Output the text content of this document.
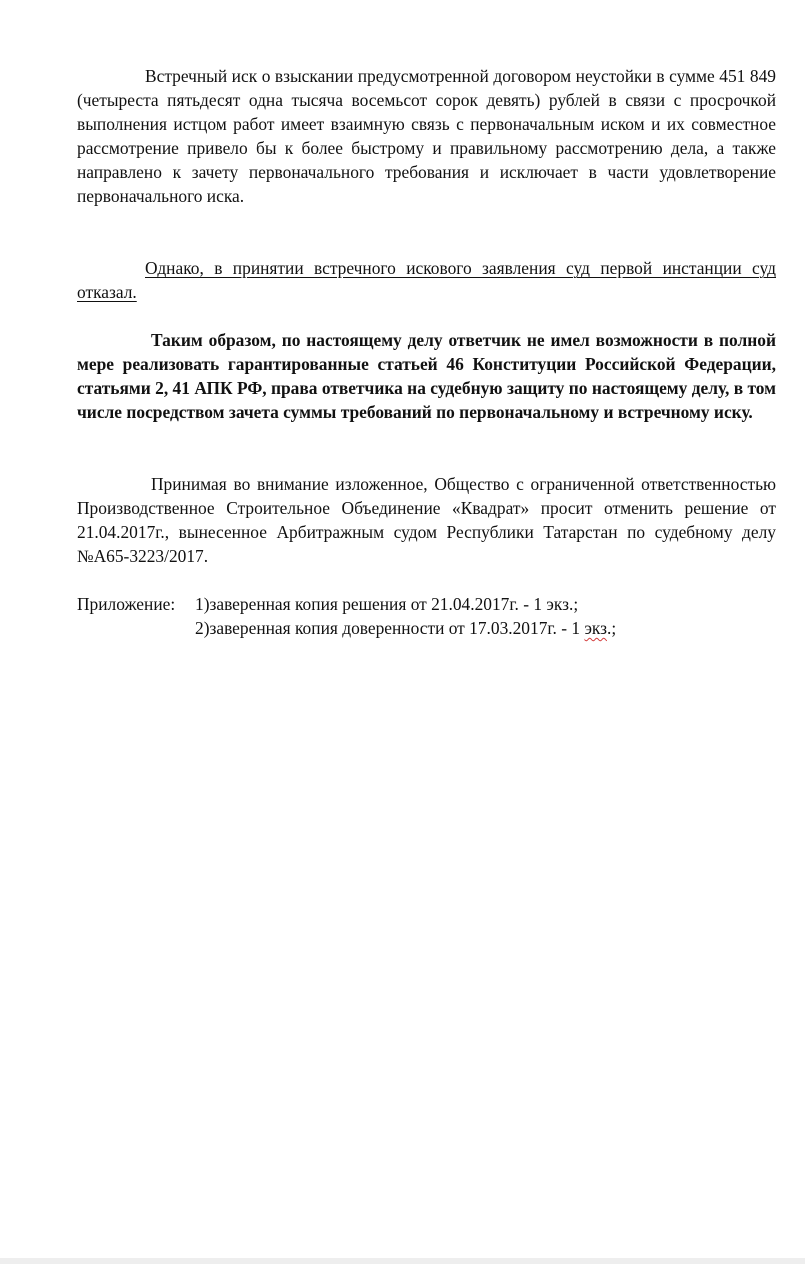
Встречный иск о взыскании предусмотренной договором неустойки в сумме 451 849 (четыреста пятьдесят одна тысяча восемьсот сорок девять) рублей в связи с просрочкой выполнения истцом работ имеет взаимную связь с первоначальным иском и их совместное рассмотрение привело бы к более быстрому и правильному рассмотрению дела, а также направлено к зачету первоначального требования и исключает в части удовлетворение первоначального иска.

Однако, в принятии встречного искового заявления суд первой инстанции суд отказал.

Таким образом, по настоящему делу ответчик не имел возможности в полной мере реализовать гарантированные статьей 46 Конституции Российской Федерации, статьями 2, 41 АПК РФ, права ответчика на судебную защиту по настоящему делу, в том числе посредством зачета суммы требований по первоначальному и встречному иску.

Принимая во внимание изложенное, Общество с ограниченной ответственностью Производственное Строительное Объединение «Квадрат» просит отменить решение от 21.04.2017г., вынесенное Арбитражным судом Республики Татарстан по судебному делу №А65-3223/2017.

Приложение:	1)заверенная копия решения от 21.04.2017г. - 1 экз.;
2)заверенная копия доверенности от 17.03.2017г. - 1 экз.;
